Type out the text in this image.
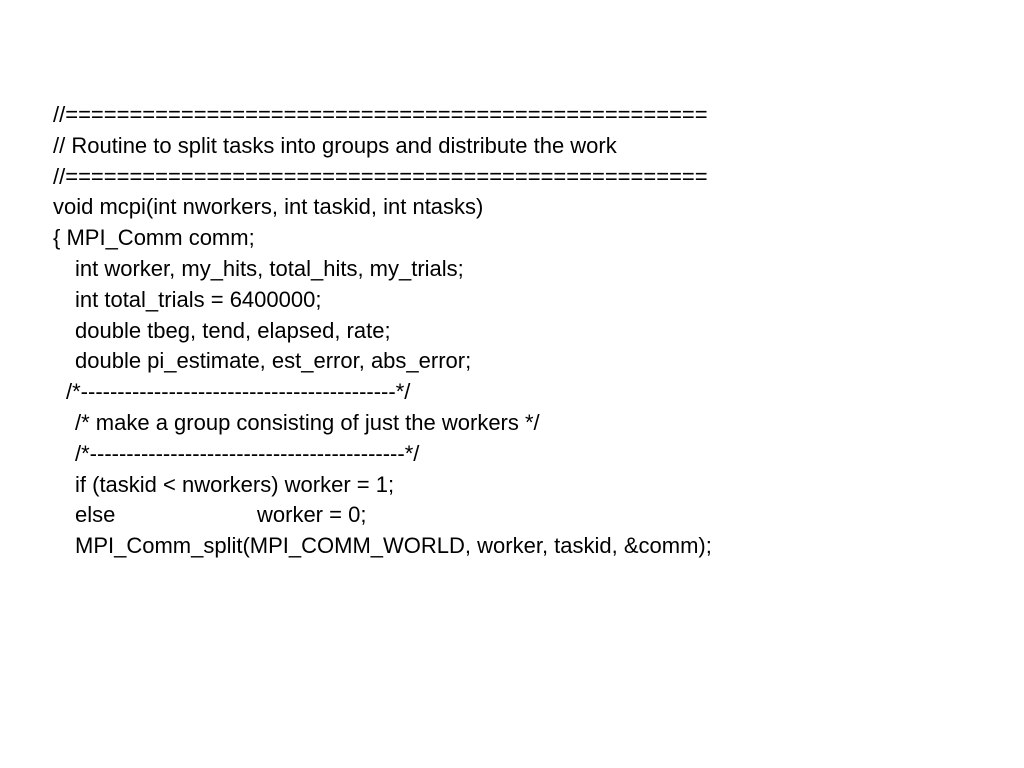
//==================================================
// Routine to split tasks into groups and distribute the work
//==================================================
void mcpi(int nworkers, int taskid, int ntasks)
{ MPI_Comm comm;
int worker, my_hits, total_hits, my_trials;
int total_trials = 6400000;
double tbeg, tend, elapsed, rate;
double pi_estimate, est_error, abs_error;
/*-------------------------------------------*/
/* make a group consisting of just the workers */
/*-------------------------------------------*/
if (taskid < nworkers) worker = 1;
else	worker = 0;
MPI_Comm_split(MPI_COMM_WORLD, worker, taskid, &comm);
